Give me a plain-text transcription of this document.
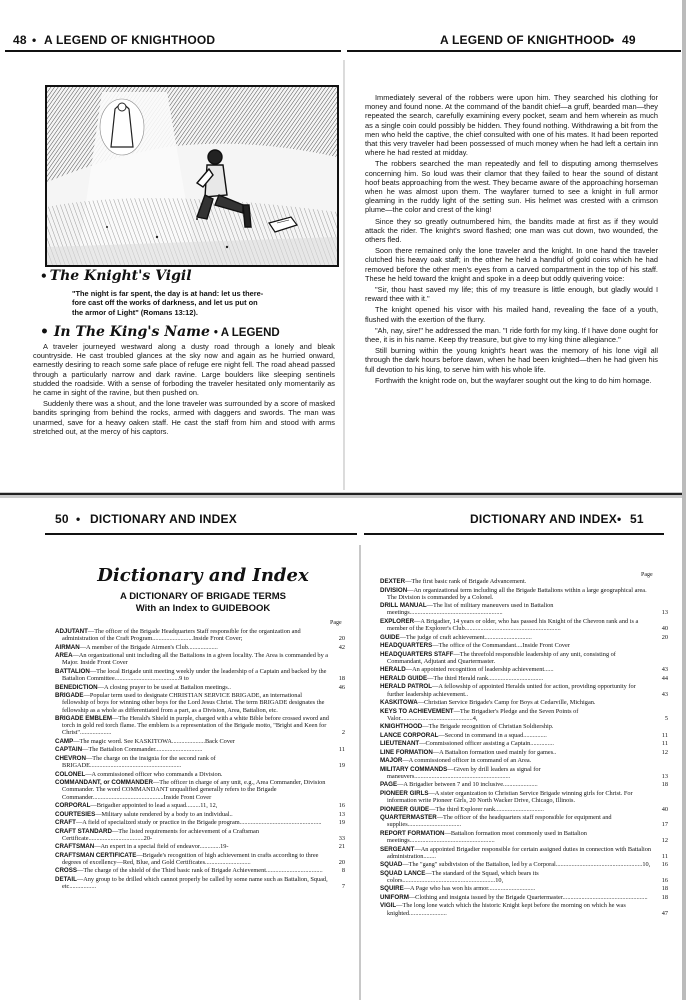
48 • A LEGEND OF KNIGHTHOOD	A LEGEND OF KNIGHTHOOD
• 49
• The Knight's Vigil
"The night is far spent, the day is at hand: let us there-
fore cast off the works of darkness, and let us put on
the armor of Light" (Romans 13:12).
• In The King's Name • A LEGEND

A traveler journeyed westward along a dusty road through a lonely and bleak countryside. He cast troubled glances at the sky now and again as he hurried onward, earnestly desiring to reach some safe place of refuge ere night fell. The road ahead passed through a particularly narrow and dark ravine. Large boulders like sleeping sentinels studded the roadside. With a sense of forboding the traveler hesitated only momentarily as he came in sight of the ravine, but then pushed on.

Suddenly there was a shout, and the lone traveler was surrounded by a score of masked bandits springing from behind the rocks, armed with daggers and swords. The man was unarmed, save for a heavy oaken staff. He cast the staff from him and stood with arms stretched out, at the mercy of his captors.

Immediately several of the robbers were upon him. They searched his clothing for money and found none. At the command of the bandit chief—a gruff, bearded man—they repeated the search, carefully examining every pocket, seam and hem wherein as much as a single coin could possibly be hidden. They found nothing. Withdrawing a bit from the men who held the captive, the chief consulted with one of his mates. It had been reported that this very traveler had been possessed of much money when he had left a certain inn where he had rested at midday.

The robbers searched the man repeatedly and fell to disputing among themselves concerning him. So loud was their clamor that they failed to hear the sound of distant hoof beats approaching from the west. They became aware of the approaching horseman when he was almost upon them. The wayfarer turned to see a knight in full armor gleaming in the ruddy light of the setting sun. His helmet was crested with a crimson plume—the color and crest of the king!

Since they so greatly outnumbered him, the bandits made at first as if they would attack the rider. The knight's sword flashed; one man was cut down, two wounded, the others fled.

Soon there remained only the lone traveler and the knight. In one hand the traveler clutched his heavy oak staff; in the other he held a handful of gold coins which he had removed before the other men's eyes from a carved compartment in the top of his staff. These he held toward the knight and spoke in a deep but oddly quivering voice:

"Sir, thou hast saved my life; this of my treasure is little enough, but gladly would I reward thee with it."

The knight opened his visor with his mailed hand, revealing the face of a youth, flushed with the exertion of the flurry.

"Ah, nay, sire!" he addressed the man. "I ride forth for my king. If I have done ought for thee, it is in his name. Keep thy treasure, but give to my king thine allegiance."

Still burning within the young knight's heart was the memory of his lone vigil all through the dark hours before dawn, when he had been knighted—then he had given his full devotion to his king, to serve him with his whole life.

Forthwith the knight rode on, but the wayfarer sought out the king to do him homage.

50 • DICTIONARY AND INDEX	DICTIONARY AND INDEX • 51
Dictionary and Index
A DICTIONARY OF BRIGADE TERMS
With an Index to GUIDEBOOK
Page
Page
ADJUTANT—The officer of the Brigade Headquarters Staff responsible for the organization and administration of the Craft Program..........................Inside Front Cover;	20
AIRMAN—A member of the Brigade Airmen's Club...................	42
AREA—An organizational unit including all the Battalions in a given locality. The Area is commanded by a Major. Inside Front Cover
BATTALION—The local Brigade unit meeting weekly under the leadership of a Captain and backed by the Battalion Committee.........................................9 to	18
BENEDICTION—A closing prayer to be used at Battalion meetings..	46
BRIGADE—Popular term used to designate CHRISTIAN SERVICE BRIGADE, an international fellowship of boys for winning other boys for the Lord Jesus Christ. The term BRIGADE designates the fellowship as a whole as differentiated from a part, as a Division, Area, Battalion, etc.
BRIGADE EMBLEM—The Herald's Shield in purple, charged with a white Bible before crossed sword and torch in gold red torch flame. The emblem is a representation of the Brigade motto, "Bright and Keen for Christ"....................	2
CAMP—The magic word. See KASKITOWA.....................Back Cover
CAPTAIN—The Battalion Commander..............................	11
CHEVRON—The charge on the insignia for the second rank of BRIGADE..........................................................	19
COLONEL—A commissioned officer who commands a Division.
COMMANDANT, or COMMANDER—The officer in charge of any unit, e.g., Area Commander, Division Commander. The word COMMANDANT unqualified generally refers to the Brigade Commander.............................................Inside Front Cover
CORPORAL—Brigadier appointed to lead a squad.........11, 12,	16
COURTESIES—Military salute rendered by a body to an individual..	13
CRAFT—A field of specialized study or practice in the Brigade program....................................................	19
CRAFT STANDARD—The listed requirements for achievement of a Craftsman Certificate...................................20-	33
CRAFTSMAN—An expert in a special field of endeavor.............19-	21
CRAFTSMAN CERTIFICATE—Brigade's recognition of high achievement in crafts according to three degrees of excellency—Red, Blue, and Gold Certificates.............................	20
CROSS—The charge of the shield of the Third basic rank of Brigade Achievement....................................	8
DETAIL—Any group to be drilled which cannot properly be called by some name such as Battalion, Squad, etc.................	7
DEXTER—The first basic rank of Brigade Advancement.
DIVISION—An organizational term including all the Brigade Battalions within a large geographical area. The Division is commanded by a Colonel.
DRILL MANUAL—The list of military maneuvers used in Battalion meetings...........................................................	13
EXPLORER—A Brigadier, 14 years or older, who has passed his Knight of the Chevron rank and is a member of the Explorer's Club.............................................................	40
GUIDE—The judge of craft achievement..............................	20
HEADQUARTERS—The office of the Commandant....Inside Front Cover
HEADQUARTERS STAFF—The threefold responsible leadership of any unit, consisting of Commandant, Adjutant and Quartermaster.
HERALD—An appointed recognition of leadership achievement......	43
HERALD GUIDE—The third Herald rank...................................	44
HERALD PATROL—A fellowship of appointed Heralds united for action, providing opportunity for further leadership achievement..	43
KASKITOWA—Christian Service Brigade's Camp for Boys at Cedarville, Michigan.
KEYS TO ACHIEVEMENT—The Brigadier's Pledge and the Seven Points of Valor..............................................4,	5
KNIGHTHOOD—The Brigade recognition of Christian Soldiership.
LANCE CORPORAL—Second in command in a squad...............	11
LIEUTENANT—Commissioned officer assisting a Captain...............	11
LINE FORMATION—A Battalion formation used mainly for games..	12
MAJOR—A commissioned officer in command of an Area.
MILITARY COMMANDS—Given by drill leaders as signal for maneuvers.............................................................	13
PAGE—A Brigadier between 7 and 10 inclusive......................	18
PIONEER GIRLS—A sister organization to Christian Service Brigade winning girls for Christ. For information write Pioneer Girls, 20 North Wacker Drive, Chicago, Illinois.
PIONEER GUIDE—The third Explorer rank...............................	40
QUARTERMASTER—The officer of the headquarters staff responsible for equipment and supplies..................................	17
REPORT FORMATION—Battalion formation most commonly used in Battalion meetings......................................................	12
SERGEANT—An appointed Brigadier responsible for certain assigned duties in connection with Battalion administration........	11
SQUAD—The "gang" subdivision of the Battalion, led by a Corporal.......................................................10, 16
SQUAD LANCE—The standard of the Squad, which bears its colors...........................................................10,	16
SQUIRE—A Page who has won his armor..............................	18
UNIFORM—Clothing and insignia issued by the Brigade Quartermaster...................................................... 18
VIGIL—The long lone watch which the historic Knight kept before the morning on which he was knighted........................	47
